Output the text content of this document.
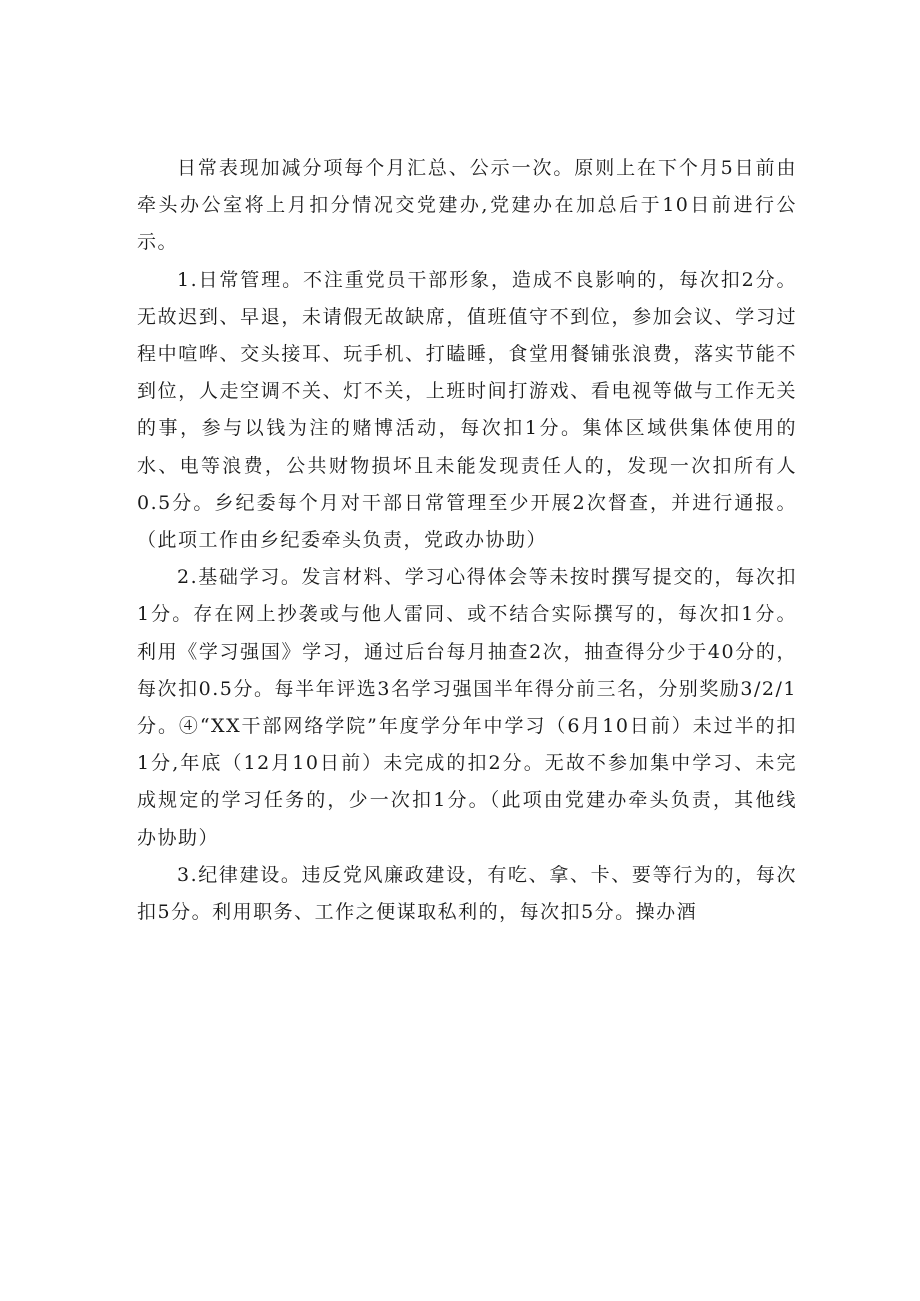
日常表现加减分项每个月汇总、公示一次。原则上在下个月5日前由牵头办公室将上月扣分情况交党建办,党建办在加总后于10日前进行公示。

1.日常管理。不注重党员干部形象，造成不良影响的，每次扣2分。无故迟到、早退，未请假无故缺席，值班值守不到位，参加会议、学习过程中喧哗、交头接耳、玩手机、打瞌睡，食堂用餐铺张浪费，落实节能不到位，人走空调不关、灯不关，上班时间打游戏、看电视等做与工作无关的事，参与以钱为注的赌博活动，每次扣1分。集体区域供集体使用的水、电等浪费，公共财物损坏且未能发现责任人的，发现一次扣所有人0.5分。乡纪委每个月对干部日常管理至少开展2次督查，并进行通报。（此项工作由乡纪委牵头负责，党政办协助）

2.基础学习。发言材料、学习心得体会等未按时撰写提交的，每次扣1分。存在网上抄袭或与他人雷同、或不结合实际撰写的，每次扣1分。利用《学习强国》学习，通过后台每月抽查2次，抽查得分少于40分的，每次扣0.5分。每半年评选3名学习强国半年得分前三名，分别奖励3/2/1分。④“XX干部网络学院”年度学分年中学习（6月10日前）未过半的扣1分,年底（12月10日前）未完成的扣2分。无故不参加集中学习、未完成规定的学习任务的，少一次扣1分。（此项由党建办牵头负责，其他线办协助）

3.纪律建设。违反党风廉政建设，有吃、拿、卡、要等行为的，每次扣5分。利用职务、工作之便谋取私利的，每次扣5分。操办酒
